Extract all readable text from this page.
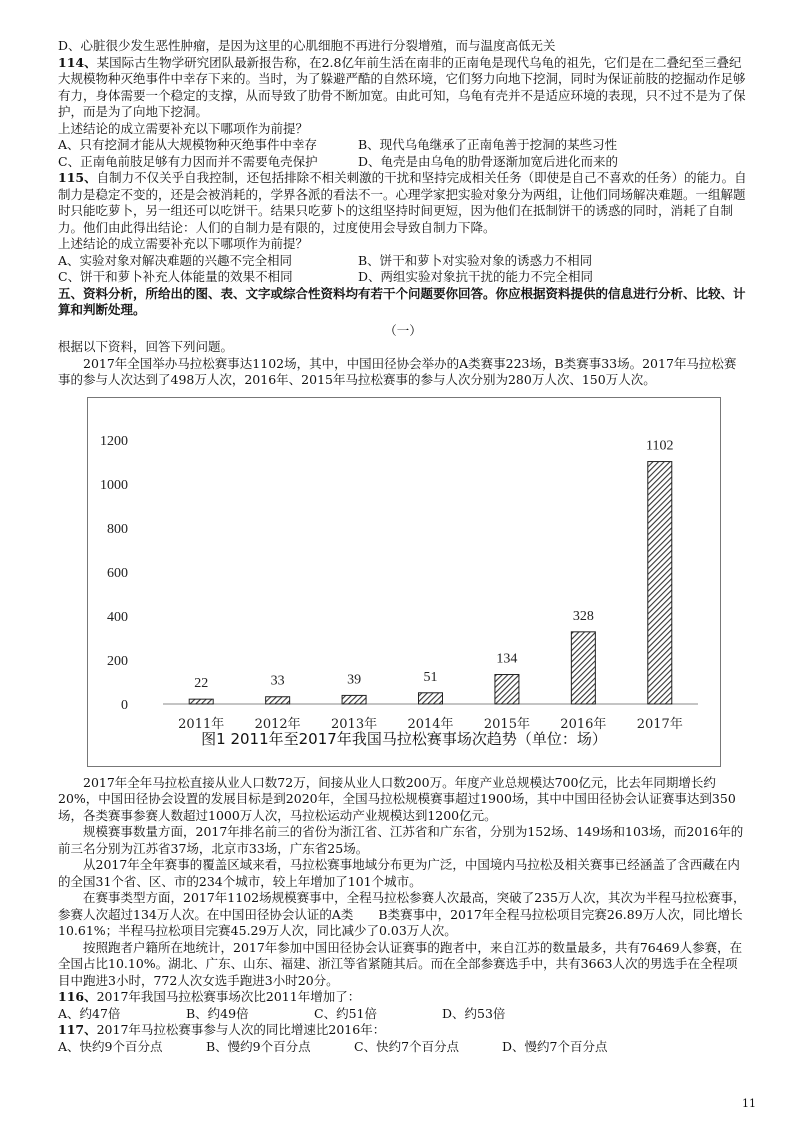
D、心脏很少发生恶性肿瘤，是因为这里的心肌细胞不再进行分裂增殖，而与温度高低无关

114、某国际古生物学研究团队最新报告称，在2.8亿年前生活在南非的正南龟是现代乌龟的祖先，它们是在二叠纪至三叠纪大规模物种灭绝事件中幸存下来的。当时，为了躲避严酷的自然环境，它们努力向地下挖洞，同时为保证前肢的挖掘动作足够有力，身体需要一个稳定的支撑，从而导致了肋骨不断加宽。由此可知，乌龟有壳并不是适应环境的表现，只不过不是为了保护，而是为了向地下挖洞。

上述结论的成立需要补充以下哪项作为前提？

A、只有挖洞才能从大规模物种灭绝事件中幸存	B、现代乌龟继承了正南龟善于挖洞的某些习性
C、正南龟前肢足够有力因而并不需要龟壳保护	D、龟壳是由乌龟的肋骨逐渐加宽后进化而来的

115、自制力不仅关乎自我控制，还包括排除不相关刺激的干扰和坚持完成相关任务（即使是自己不喜欢的任务）的能力。自制力是稳定不变的，还是会被消耗的，学界各派的看法不一。心理学家把实验对象分为两组，让他们同场解决难题。一组解题时只能吃萝卜，另一组还可以吃饼干。结果只吃萝卜的这组坚持时间更短，因为他们在抵制饼干的诱惑的同时，消耗了自制力。他们由此得出结论：人们的自制力是有限的，过度使用会导致自制力下降。

上述结论的成立需要补充以下哪项作为前提？

A、实验对象对解决难题的兴趣不完全相同	B、饼干和萝卜对实验对象的诱惑力不相同
C、饼干和萝卜补充人体能量的效果不相同	D、两组实验对象抗干扰的能力不完全相同

五、资料分析，所给出的图、表、文字或综合性资料均有若干个问题要你回答。你应根据资料提供的信息进行分析、比较、计算和判断处理。

（一）

根据以下资料，回答下列问题。

2017年全国举办马拉松赛事达1102场，其中，中国田径协会举办的A类赛事223场，B类赛事33场。2017年马拉松赛事的参与人次达到了498万人次，2016年、2015年马拉松赛事的参与人次分别为280万人次、150万人次。

0
200
400
600
800
1000
1200
22
2011年
33
2012年
39
2013年
51
2014年
134
2015年
328
2016年
1102
2017年
图1 2011年至2017年我国马拉松赛事场次趋势（单位：场）

2017年全年马拉松直接从业人口数72万，间接从业人口数200万。年度产业总规模达700亿元，比去年同期增长约20%，中国田径协会设置的发展目标是到2020年，全国马拉松规模赛事超过1900场，其中中国田径协会认证赛事达到350场，各类赛事参赛人数超过1000万人次，马拉松运动产业规模达到1200亿元。

规模赛事数量方面，2017年排名前三的省份为浙江省、江苏省和广东省，分别为152场、149场和103场，而2016年的前三名分别为江苏省37场，北京市33场，广东省25场。

从2017年全年赛事的覆盖区域来看，马拉松赛事地域分布更为广泛，中国境内马拉松及相关赛事已经涵盖了含西藏在内的全国31个省、区、市的234个城市，较上年增加了101个城市。

在赛事类型方面，2017年1102场规模赛事中，全程马拉松参赛人次最高，突破了235万人次，其次为半程马拉松赛事，参赛人次超过134万人次。在中国田径协会认证的A类　　B类赛事中，2017年全程马拉松项目完赛26.89万人次，同比增长10.61%；半程马拉松项目完赛45.29万人次，同比减少了0.03万人次。

按照跑者户籍所在地统计，2017年参加中国田径协会认证赛事的跑者中，来自江苏的数量最多，共有76469人参赛，在全国占比10.10%。湖北、广东、山东、福建、浙江等省紧随其后。而在全部参赛选手中，共有3663人次的男选手在全程项目中跑进3小时，772人次女选手跑进3小时20分。

116、2017年我国马拉松赛事场次比2011年增加了：

A、约47倍	B、约49倍	C、约51倍	D、约53倍

117、2017年马拉松赛事参与人次的同比增速比2016年：

A、快约9个百分点	B、慢约9个百分点	C、快约7个百分点	D、慢约7个百分点
11
